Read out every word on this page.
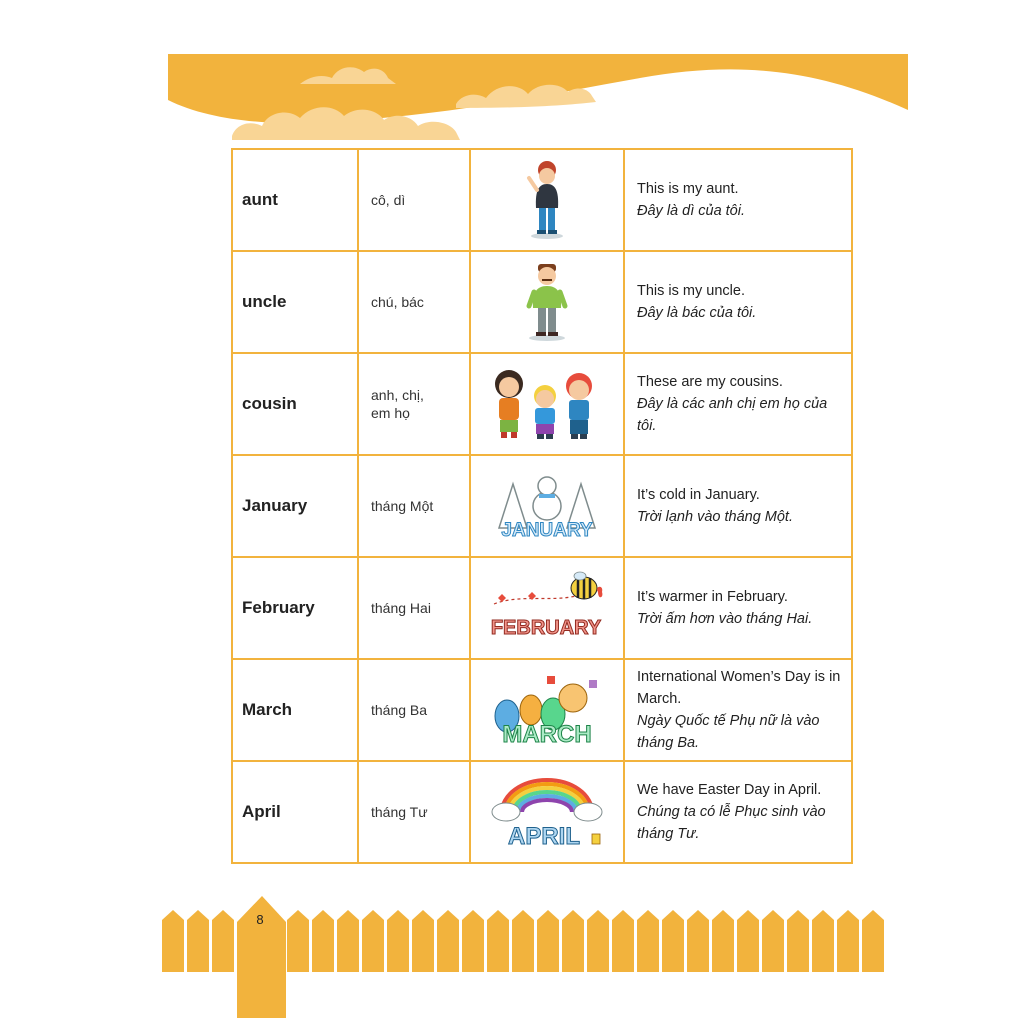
aunt	cô, dì		This is my aunt.
Đây là dì của tôi.

uncle	chú, bác		This is my uncle.
Đây là bác của tôi.

cousin	anh, chị,
em họ		These are my cousins.
Đây là các anh chị em họ của tôi.

January	tháng Một	JANUARY	It’s cold in January.
Trời lạnh vào tháng Một.

February	tháng Hai	FEBRUARY	It’s warmer in February.
Trời ấm hơn vào tháng Hai.

March	tháng Ba	MARCH	International Women’s Day is in March.
Ngày Quốc tế Phụ nữ là vào tháng Ba.

April	tháng Tư	APRIL	We have Easter Day in April.
Chúng ta có lễ Phục sinh vào tháng Tư.
8
